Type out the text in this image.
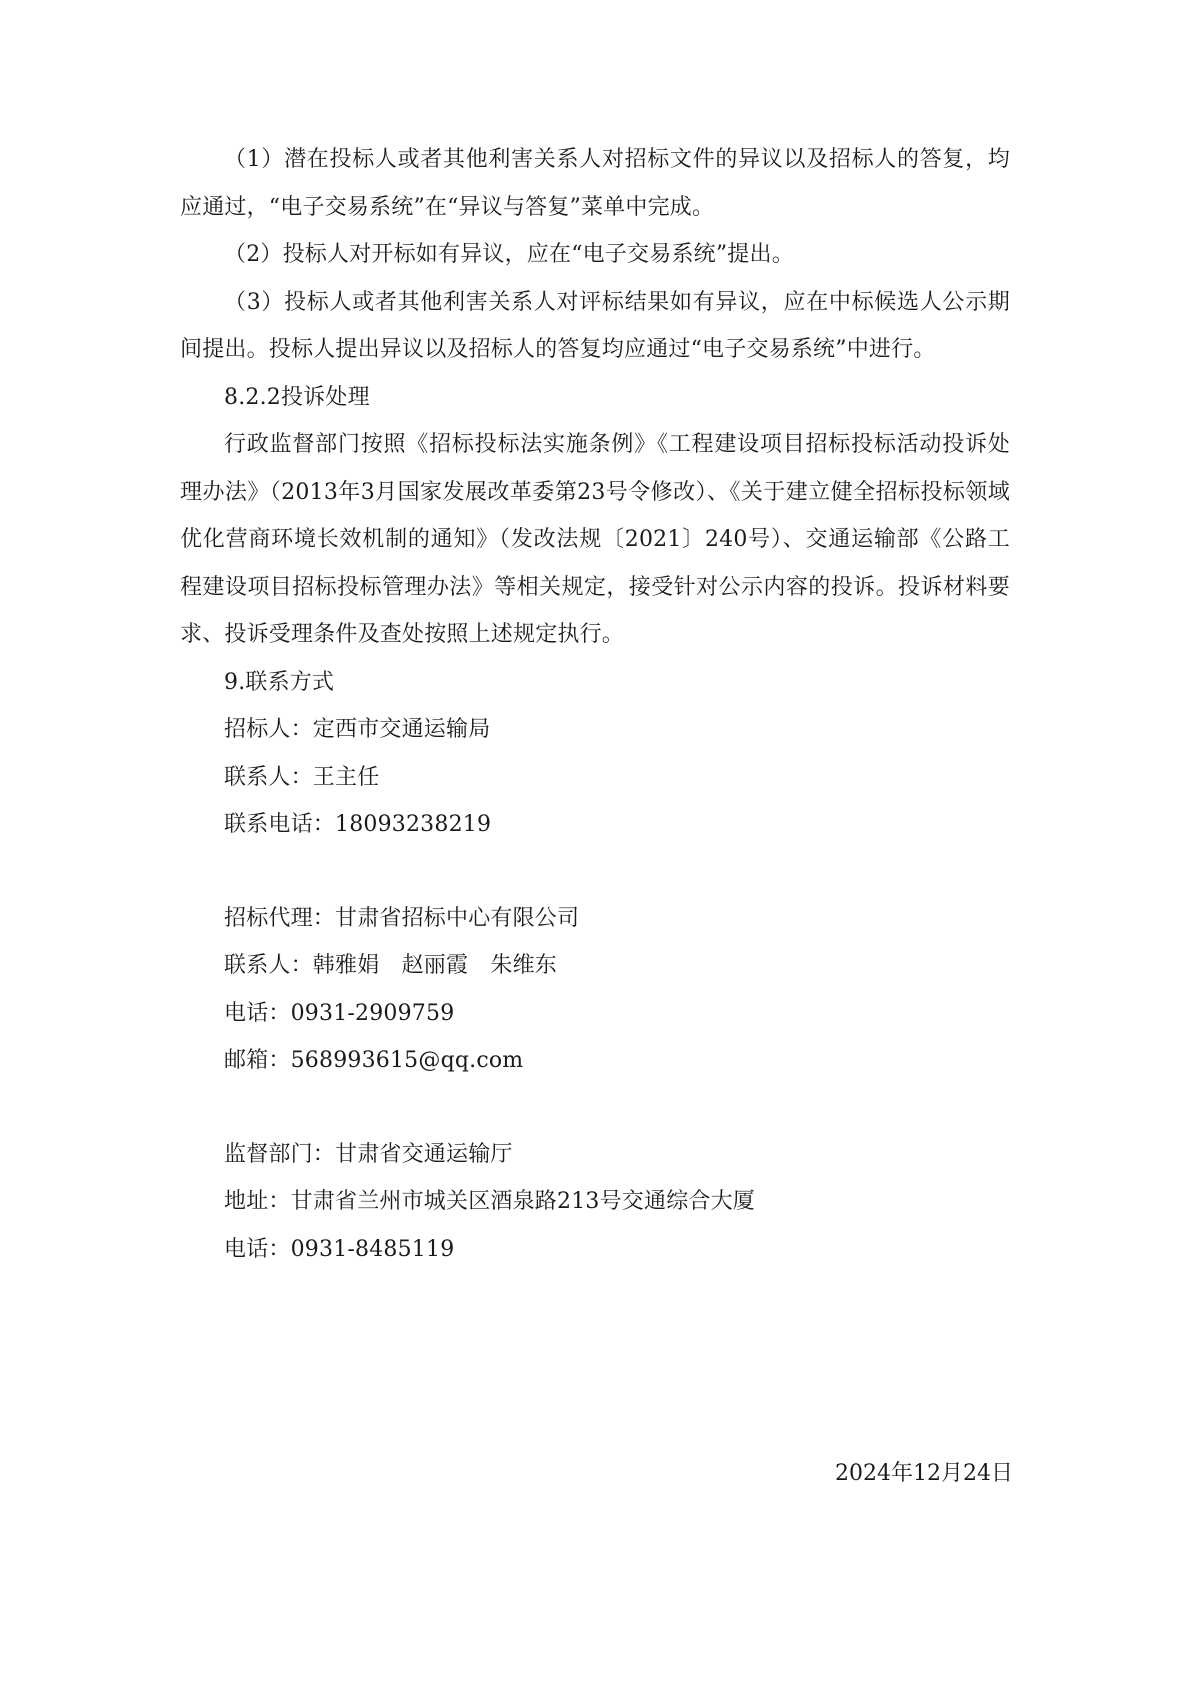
（1）潜在投标人或者其他利害关系人对招标文件的异议以及招标人的答复，均应通过，“电子交易系统”在“异议与答复”菜单中完成。

（2）投标人对开标如有异议，应在“电子交易系统”提出。

（3）投标人或者其他利害关系人对评标结果如有异议，应在中标候选人公示期间提出。投标人提出异议以及招标人的答复均应通过“电子交易系统”中进行。

8.2.2投诉处理

行政监督部门按照《招标投标法实施条例》《工程建设项目招标投标活动投诉处理办法》（2013年3月国家发展改革委第23号令修改）、《关于建立健全招标投标领域优化营商环境长效机制的通知》（发改法规〔2021〕240号）、交通运输部《公路工程建设项目招标投标管理办法》等相关规定，接受针对公示内容的投诉。投诉材料要求、投诉受理条件及查处按照上述规定执行。

9.联系方式

招标人：定西市交通运输局

联系人：王主任

联系电话：18093238219

招标代理：甘肃省招标中心有限公司

联系人：韩雅娟　赵丽霞　朱维东

电话：0931-2909759

邮箱：568993615@qq.com

监督部门：甘肃省交通运输厅

地址：甘肃省兰州市城关区酒泉路213号交通综合大厦

电话：0931-8485119

2024年12月24日
